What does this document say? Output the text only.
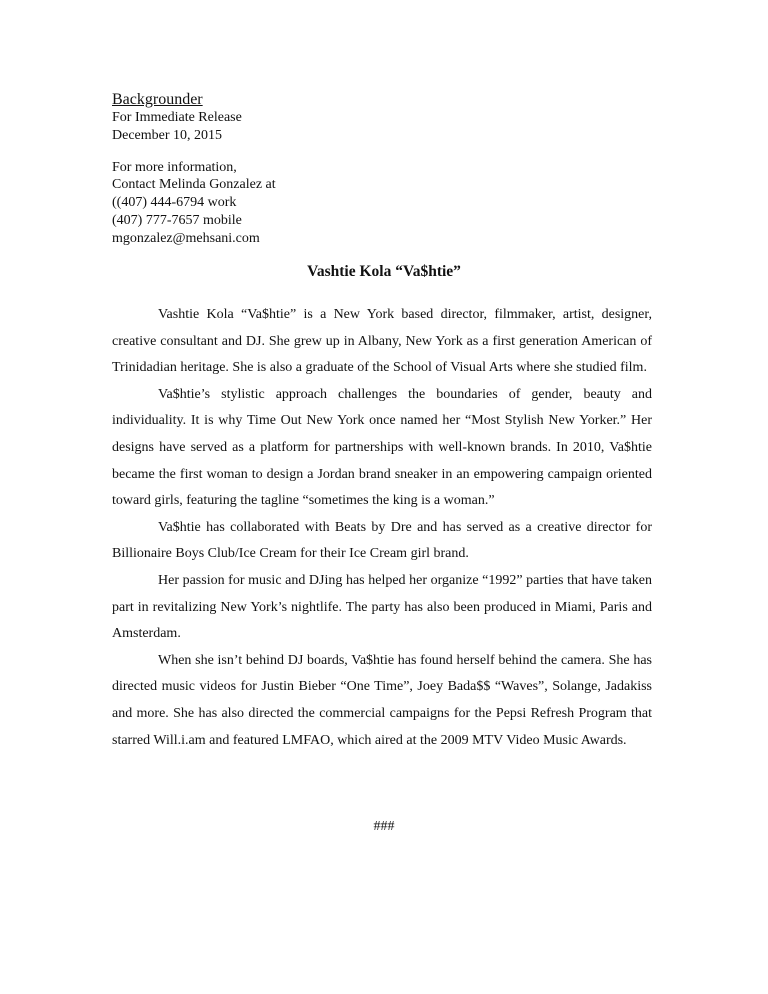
Backgrounder
For Immediate Release
December 10, 2015
For more information,
Contact Melinda Gonzalez at
((407) 444-6794 work
(407) 777-7657 mobile
mgonzalez@mehsani.com
Vashtie Kola “Va$htie”

Vashtie Kola “Va$htie” is a New York based director, filmmaker, artist, designer, creative consultant and DJ. She grew up in Albany, New York as a first generation American of Trinidadian heritage. She is also a graduate of the School of Visual Arts where she studied film.

Va$htie’s stylistic approach challenges the boundaries of gender, beauty and individuality. It is why Time Out New York once named her “Most Stylish New Yorker.” Her designs have served as a platform for partnerships with well-known brands. In 2010, Va$htie became the first woman to design a Jordan brand sneaker in an empowering campaign oriented toward girls, featuring the tagline “sometimes the king is a woman.”

Va$htie has collaborated with Beats by Dre and has served as a creative director for Billionaire Boys Club/Ice Cream for their Ice Cream girl brand.

Her passion for music and DJing has helped her organize “1992” parties that have taken part in revitalizing New York’s nightlife. The party has also been produced in Miami, Paris and Amsterdam.

When she isn’t behind DJ boards, Va$htie has found herself behind the camera. She has directed music videos for Justin Bieber “One Time”, Joey Bada$$ “Waves”, Solange, Jadakiss and more. She has also directed the commercial campaigns for the Pepsi Refresh Program that starred Will.i.am and featured LMFAO, which aired at the 2009 MTV Video Music Awards.

###
